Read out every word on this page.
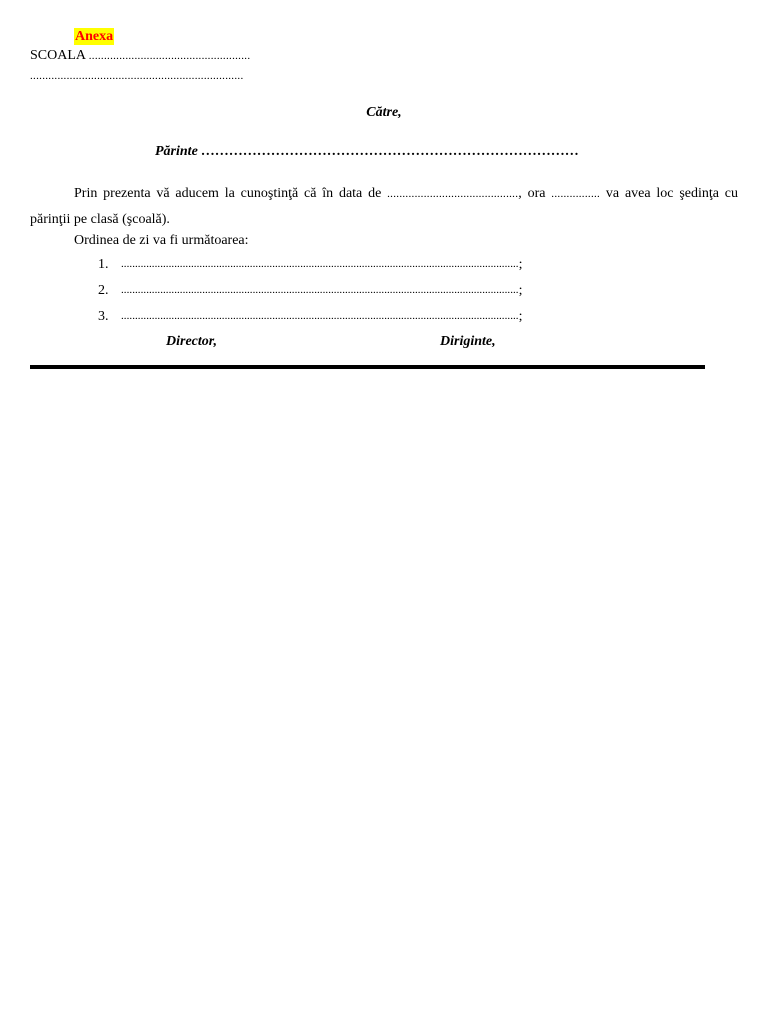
Anexa
SCOALA .....................................................
......................................................................
Către,
Părinte ………………………………………………………………………

Prin prezenta vă aducem la cunoştinţă că în data de ..........................................., ora ................ va avea loc şedinţa cu părinţii pe clasă (şcoală).

Ordinea de zi va fi următoarea:
1.	.............................................................................................................................................. ;
2.	.............................................................................................................................................. ;
3.	.............................................................................................................................................. ;
Director,	Diriginte,
